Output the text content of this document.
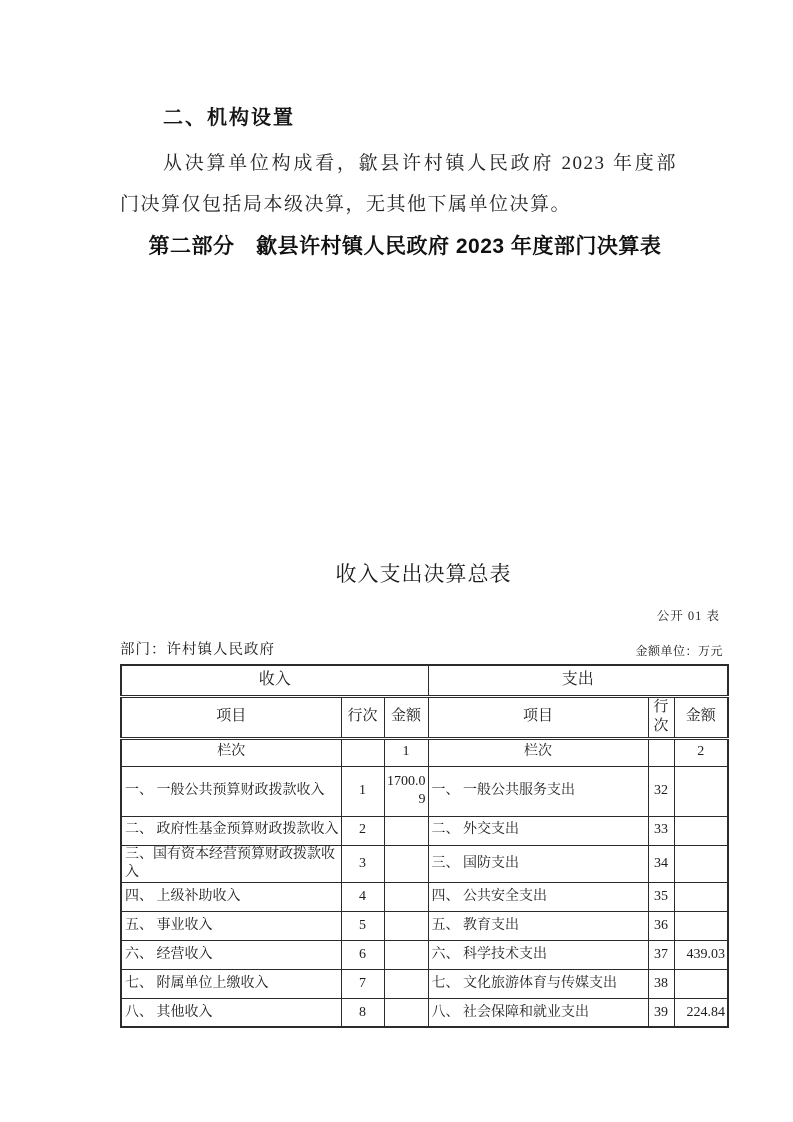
二、机构设置
从决算单位构成看，歙县许村镇人民政府 2023 年度部
门决算仅包括局本级决算，无其他下属单位决算。
第二部分　歙县许村镇人民政府 2023 年度部门决算表
收入支出决算总表
公开 01 表
部门：许村镇人民政府	金额单位：万元
收入			支出		
项目	行次	金额	项目	行次	金额
栏次		1	栏次		2
一、 一般公共预算财政拨款收入	1	1700.09	一、 一般公共服务支出	32	
二、 政府性基金预算财政拨款收入	2		二、 外交支出	33	
三、国有资本经营预算财政拨款收入	3		三、 国防支出	34	
四、 上级补助收入	4		四、 公共安全支出	35	
五、 事业收入	5		五、 教育支出	36	
六、 经营收入	6		六、 科学技术支出	37	439.03
七、 附属单位上缴收入	7		七、 文化旅游体育与传媒支出	38	
八、 其他收入	8		八、 社会保障和就业支出	39	224.84
